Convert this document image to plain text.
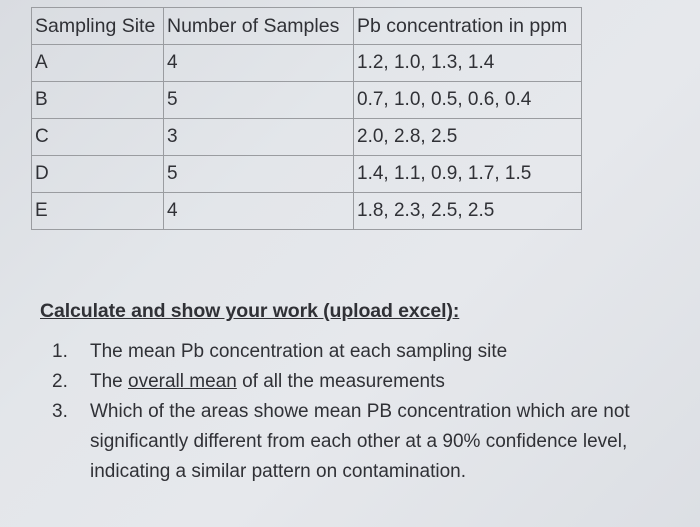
Sampling Site	Number of Samples	Pb concentration in ppm
A	4	1.2, 1.0, 1.3, 1.4
B	5	0.7, 1.0, 0.5, 0.6, 0.4
C	3	2.0, 2.8, 2.5
D	5	1.4, 1.1, 0.9, 1.7, 1.5
E	4	1.8, 2.3, 2.5, 2.5
Calculate and show your work (upload excel):
1. The mean Pb concentration at each sampling site
2. The overall mean of all the measurements
3. Which of the areas showe mean PB concentration which are not significantly different from each other at a 90% confidence level, indicating a similar pattern on contamination.
